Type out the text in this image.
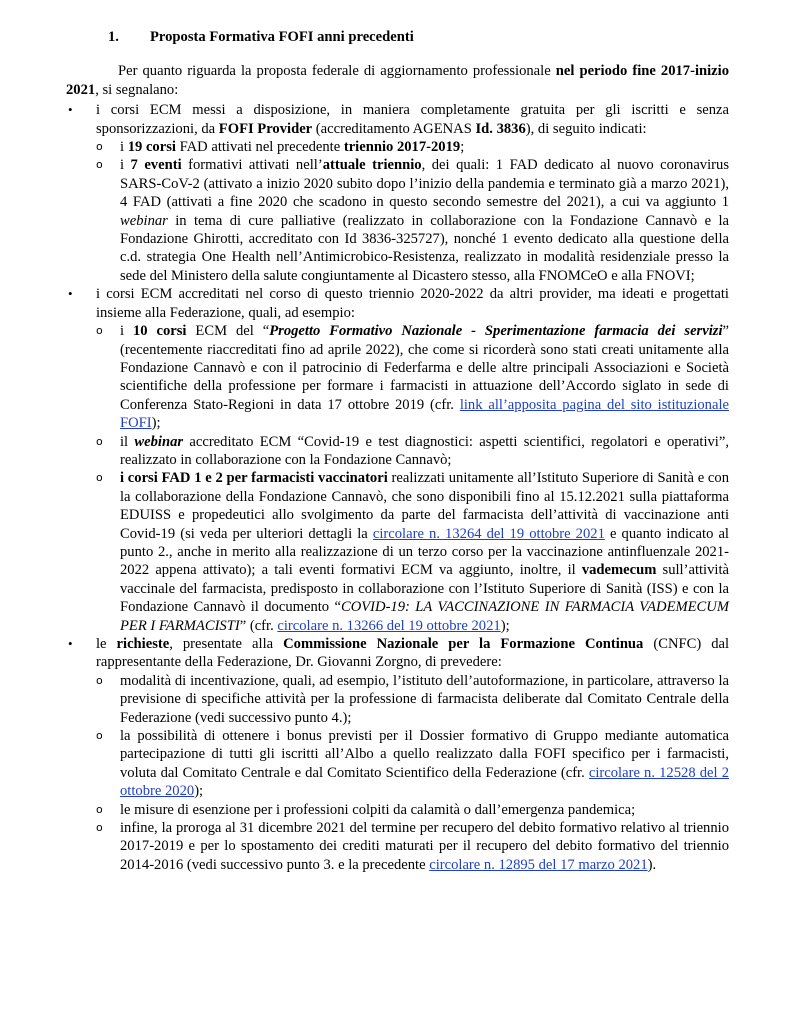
1. Proposta Formativa FOFI anni precedenti

Per quanto riguarda la proposta federale di aggiornamento professionale nel periodo fine 2017-inizio 2021, si segnalano:

• i corsi ECM messi a disposizione, in maniera completamente gratuita per gli iscritti e senza sponsorizzazioni, da FOFI Provider (accreditamento AGENAS Id. 3836), di seguito indicati:
o i 19 corsi FAD attivati nel precedente triennio 2017-2019;
o i 7 eventi formativi attivati nell’attuale triennio, dei quali: 1 FAD dedicato al nuovo coronavirus SARS-CoV-2 (attivato a inizio 2020 subito dopo l’inizio della pandemia e terminato già a marzo 2021), 4 FAD (attivati a fine 2020 che scadono in questo secondo semestre del 2021), a cui va aggiunto 1 webinar in tema di cure palliative (realizzato in collaborazione con la Fondazione Cannavò e la Fondazione Ghirotti, accreditato con Id 3836-325727), nonché 1 evento dedicato alla questione della c.d. strategia One Health nell’Antimicrobico-Resistenza, realizzato in modalità residenziale presso la sede del Ministero della salute congiuntamente al Dicastero stesso, alla FNOMCeO e alla FNOVI;
• i corsi ECM accreditati nel corso di questo triennio 2020-2022 da altri provider, ma ideati e progettati insieme alla Federazione, quali, ad esempio:
o i 10 corsi ECM del “Progetto Formativo Nazionale - Sperimentazione farmacia dei servizi” (recentemente riaccreditati fino ad aprile 2022), che come si ricorderà sono stati creati unitamente alla Fondazione Cannavò e con il patrocinio di Federfarma e delle altre principali Associazioni e Società scientifiche della professione per formare i farmacisti in attuazione dell’Accordo siglato in sede di Conferenza Stato-Regioni in data 17 ottobre 2019 (cfr. link all’apposita pagina del sito istituzionale FOFI);
o il webinar accreditato ECM “Covid-19 e test diagnostici: aspetti scientifici, regolatori e operativi”, realizzato in collaborazione con la Fondazione Cannavò;
o i corsi FAD 1 e 2 per farmacisti vaccinatori realizzati unitamente all’Istituto Superiore di Sanità e con la collaborazione della Fondazione Cannavò, che sono disponibili fino al 15.12.2021 sulla piattaforma EDUISS e propedeutici allo svolgimento da parte del farmacista dell’attività di vaccinazione anti Covid-19 (si veda per ulteriori dettagli la circolare n. 13264 del 19 ottobre 2021 e quanto indicato al punto 2., anche in merito alla realizzazione di un terzo corso per la vaccinazione antinfluenzale 2021-2022 appena attivato); a tali eventi formativi ECM va aggiunto, inoltre, il vademecum sull’attività vaccinale del farmacista, predisposto in collaborazione con l’Istituto Superiore di Sanità (ISS) e con la Fondazione Cannavò il documento “COVID-19: LA VACCINAZIONE IN FARMACIA VADEMECUM PER I FARMACISTI” (cfr. circolare n. 13266 del 19 ottobre 2021);
• le richieste, presentate alla Commissione Nazionale per la Formazione Continua (CNFC) dal rappresentante della Federazione, Dr. Giovanni Zorgno, di prevedere:
o modalità di incentivazione, quali, ad esempio, l’istituto dell’autoformazione, in particolare, attraverso la previsione di specifiche attività per la professione di farmacista deliberate dal Comitato Centrale della Federazione (vedi successivo punto 4.);
o la possibilità di ottenere i bonus previsti per il Dossier formativo di Gruppo mediante automatica partecipazione di tutti gli iscritti all’Albo a quello realizzato dalla FOFI specifico per i farmacisti, voluta dal Comitato Centrale e dal Comitato Scientifico della Federazione (cfr. circolare n. 12528 del 2 ottobre 2020);
o le misure di esenzione per i professioni colpiti da calamità o dall’emergenza pandemica;
o infine, la proroga al 31 dicembre 2021 del termine per recupero del debito formativo relativo al triennio 2017-2019 e per lo spostamento dei crediti maturati per il recupero del debito formativo del triennio 2014-2016 (vedi successivo punto 3. e la precedente circolare n. 12895 del 17 marzo 2021).
